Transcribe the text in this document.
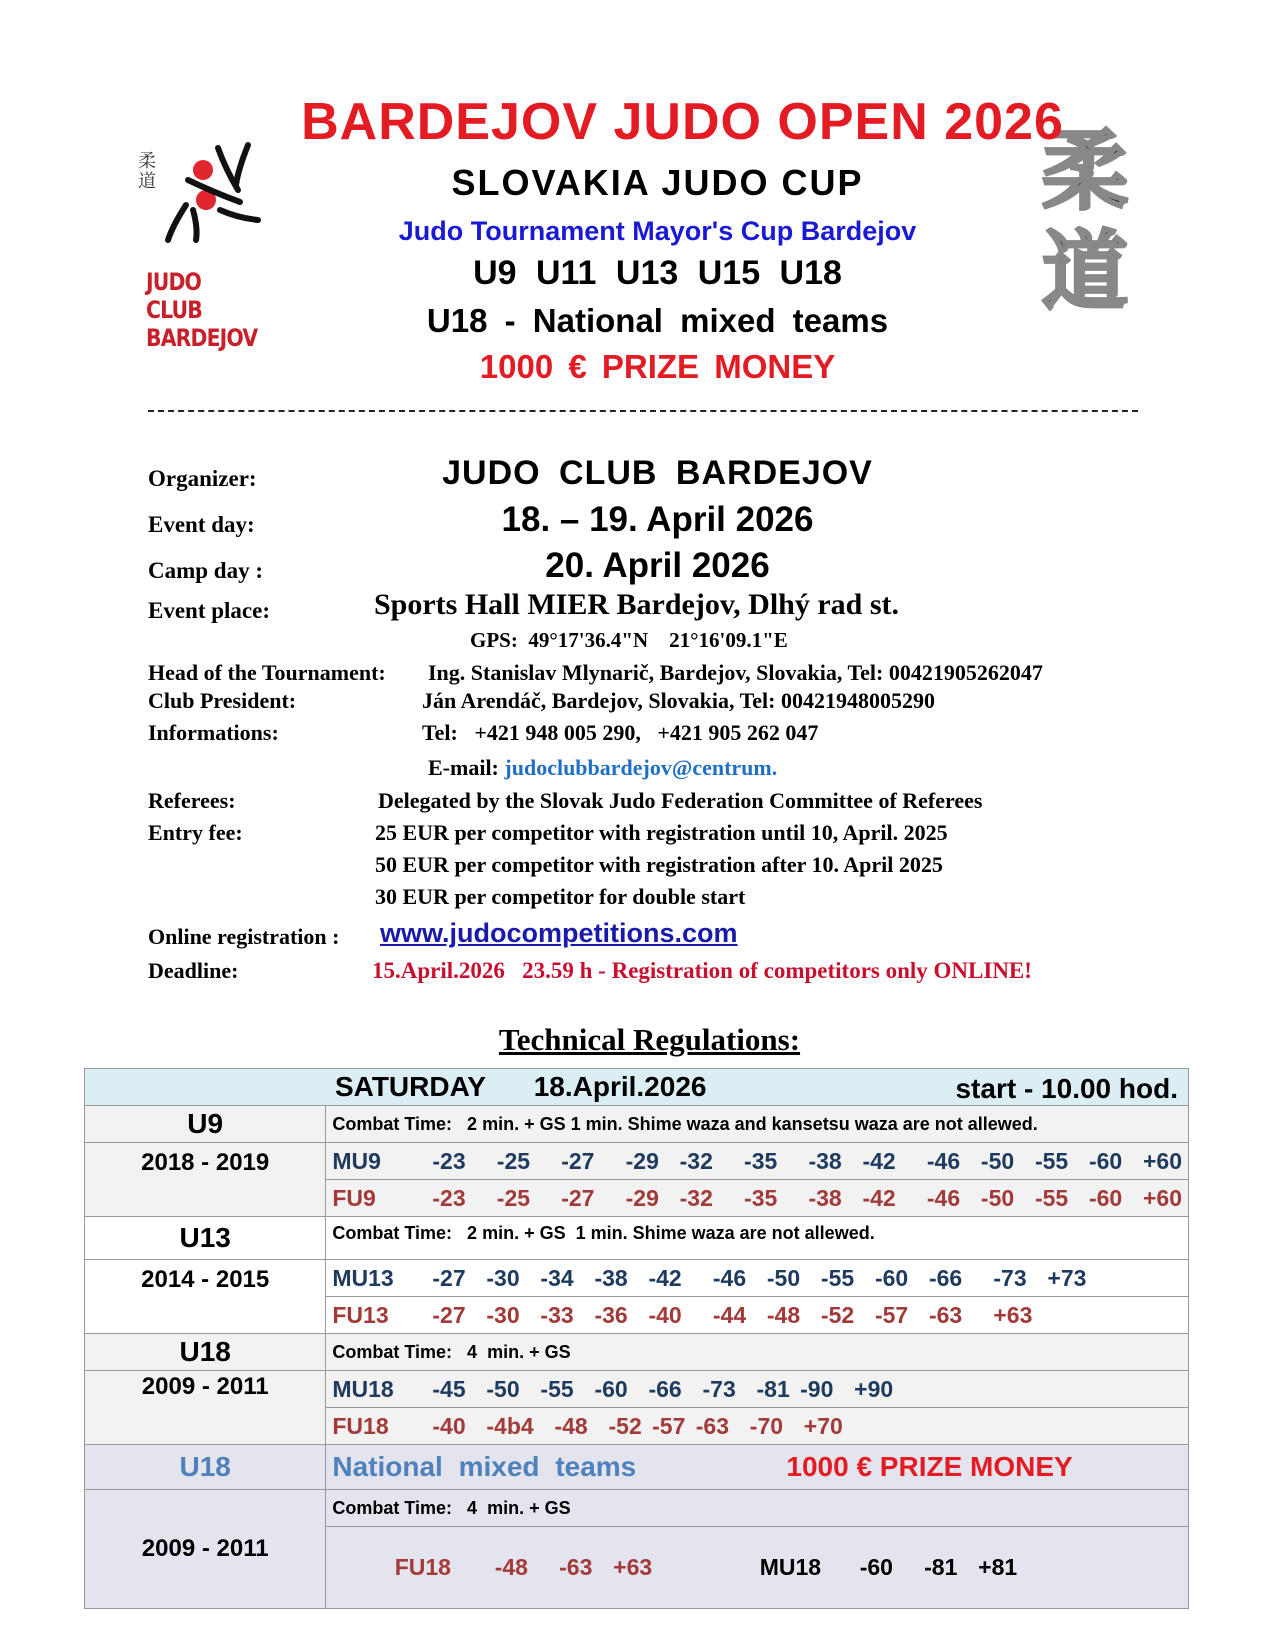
柔道
JUDO CLUB
BARDEJOV
柔道
BARDEJOV JUDO OPEN 2026
SLOVAKIA JUDO CUP
Judo Tournament Mayor's Cup Bardejov
U9 U11 U13 U15 U18
U18 - National mixed teams
1000 € PRIZE MONEY
Organizer:	JUDO CLUB BARDEJOV
Event day:	18. – 19. April 2026
Camp day :	20. April 2026
Event place:	Sports Hall MIER Bardejov, Dlhý rad st.
GPS:  49°17'36.4"N    21°16'09.1"E
Head of the Tournament: Ing. Stanislav Mlynarič, Bardejov, Slovakia, Tel: 00421905262047
Club President:	Ján Arendáč, Bardejov, Slovakia, Tel: 00421948005290
Informations:	Tel:   +421 948 005 290,   +421 905 262 047
E-mail: judoclubbardejov@centrum.
Referees:	Delegated by the Slovak Judo Federation Committee of Referees
Entry fee:	25 EUR per competitor with registration until 10, April. 2025
50 EUR per competitor with registration after 10. April 2025
30 EUR per competitor for double start
Online registration : www.judocompetitions.com
Deadline:	15.April.2026   23.59 h - Registration of competitors only ONLINE!
Technical Regulations:
SATURDAY 18.April.2026 start - 10.00 hod.	

U9	Combat Time:   2 min. + GS 1 min. Shime waza and kansetsu waza are not allewed.
2018 - 2019	MU9 -23   -25   -27   -29  -32   -35   -38  -42   -46  -50  -55  -60  +60
	FU9 -23   -25   -27   -29  -32   -35   -38  -42   -46  -50  -55  -60  +60
U13	Combat Time:   2 min. + GS  1 min. Shime waza are not allewed.
2014 - 2015	MU13 -27  -30  -34  -38  -42   -46  -50  -55  -60  -66   -73  +73
	FU13 -27  -30  -33  -36  -40   -44  -48  -52  -57  -63   +63
U18	Combat Time:   4  min. + GS
2009 - 2011	MU18 -45  -50  -55  -60  -66  -73  -81 -90  +90
	FU18 -40  -4b4  -48  -52 -57 -63  -70  +70
U18	National mixed teams 1000 € PRIZE MONEY

2009 - 2011	Combat Time:   4  min. + GS

FU18 -48   -63  +63 MU18 -60   -81  +81
